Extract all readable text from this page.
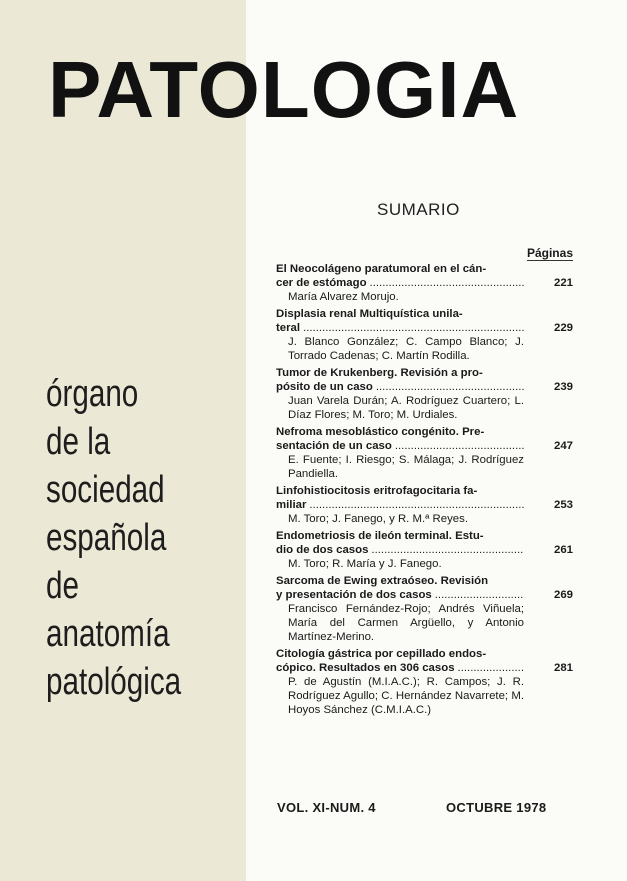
PATOLOGIA
órgano
de la
sociedad
española
de
anatomía
patológica
SUMARIO
Páginas
El Neocolágeno paratumoral en el cán-
cer de estómago .....	221
María Alvarez Morujo.
Displasia renal Multiquística unila-
teral .....	229
J. Blanco González; C. Campo Blanco; J. Torrado Cadenas; C. Martín Rodilla.
Tumor de Krukenberg. Revisión a pro-
pósito de un caso .....	239
Juan Varela Durán; A. Rodríguez Cuartero; L. Díaz Flores; M. Toro; M. Urdiales.
Nefroma mesoblástico congénito. Pre-
sentación de un caso .....	247
E. Fuente; I. Riesgo; S. Málaga; J. Rodríguez Pandiella.
Linfohistiocitosis eritrofagocitaria fa-
miliar .....	253
M. Toro; J. Fanego, y R. M.ª Reyes.
Endometriosis de ileón terminal. Estu-
dio de dos casos .....	261
M. Toro; R. María y J. Fanego.
Sarcoma de Ewing extraóseo. Revisión
y presentación de dos casos .....	269
Francisco Fernández-Rojo; Andrés Viñuela; María del Carmen Argüello, y Antonio Martínez-Merino.
Citología gástrica por cepillado endos-
cópico. Resultados en 306 casos .....	281
P. de Agustín (M.I.A.C.); R. Campos; J. R. Rodríguez Agullo; C. Hernández Navarrete; M. Hoyos Sánchez (C.M.I.A.C.)
VOL. XI-NUM. 4	OCTUBRE 1978
